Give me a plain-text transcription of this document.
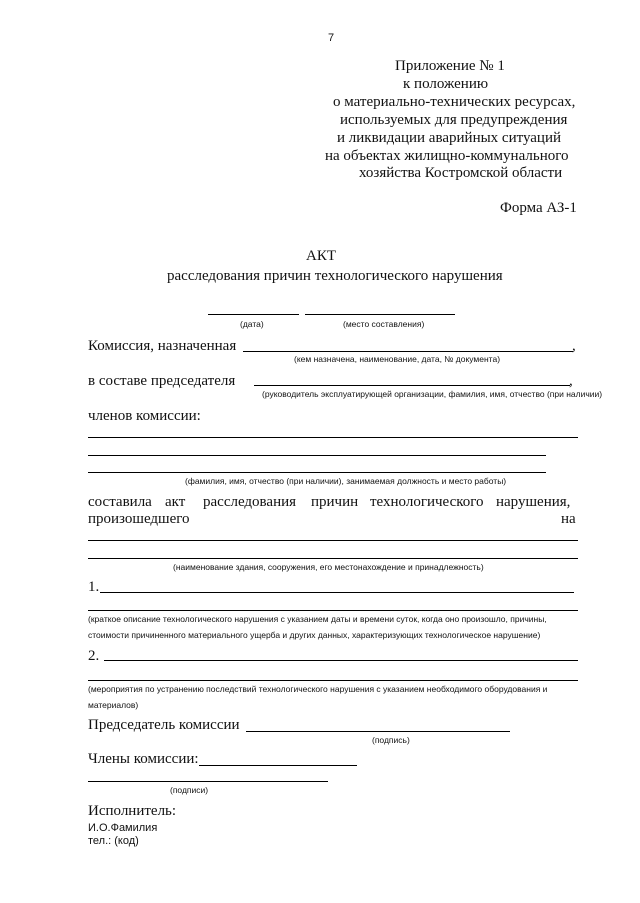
7
Приложение № 1
к положению
о материально-технических ресурсах,
используемых для предупреждения
и ликвидации аварийных ситуаций
на объектах жилищно-коммунального
хозяйства Костромской области
Форма АЗ-1
АКТ
расследования причин технологического нарушения
(дата)	(место составления)
Комиссия, назначенная	,
(кем назначена, наименование, дата, № документа)
в составе председателя	,
(руководитель эксплуатирующей организации, фамилия, имя, отчество (при наличии)
членов комиссии:
(фамилия, имя, отчество (при наличии), занимаемая должность и место работы)
составила акт расследования причин технологического нарушения,
произошедшего	на
(наименование здания, сооружения, его местонахождение и принадлежность)
1.
(краткое описание технологического нарушения с указанием даты и времени суток, когда оно произошло, причины,
стоимости причиненного материального ущерба и других данных, характеризующих технологическое нарушение)
2.
(мероприятия по устранению последствий технологического нарушения с указанием необходимого оборудования и
материалов)
Председатель комиссии
(подпись)
Члены комиссии:
(подписи)
Исполнитель:
И.О.Фамилия
тел.: (код)
